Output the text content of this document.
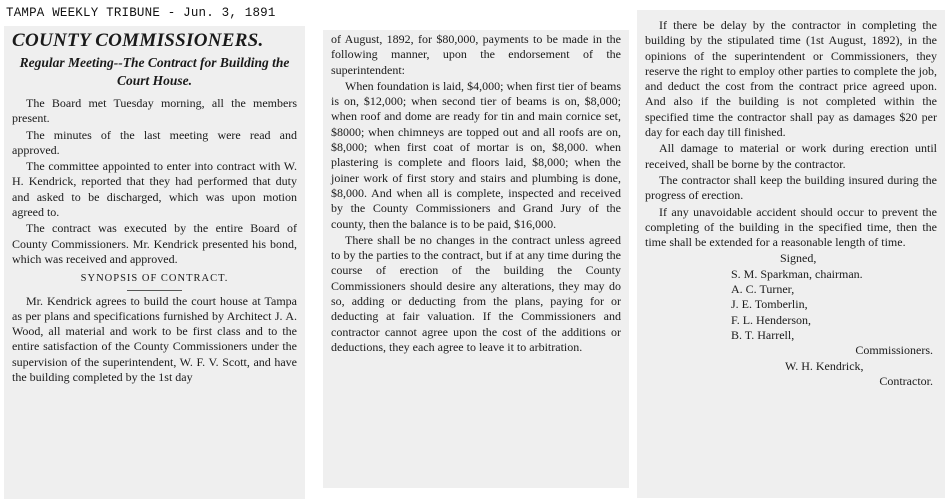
TAMPA WEEKLY TRIBUNE - Jun. 3, 1891
COUNTY COMMISSIONERS.
Regular Meeting--The Contract for Building the Court House.

The Board met Tuesday morning, all the members present.

The minutes of the last meeting were read and approved.

The committee appointed to enter into contract with W. H. Kendrick, reported that they had performed that duty and asked to be discharged, which was upon motion agreed to.

The contract was executed by the entire Board of County Commissioners. Mr. Kendrick presented his bond, which was received and approved.

SYNOPSIS OF CONTRACT.

Mr. Kendrick agrees to build the court house at Tampa as per plans and specifications furnished by Architect J. A. Wood, all material and work to be first class and to the entire satisfaction of the County Commissioners under the supervision of the superintendent, W. F. V. Scott, and have the building completed by the 1st day

of August, 1892, for $80,000, payments to be made in the following manner, upon the endorsement of the superintendent:

When foundation is laid, $4,000; when first tier of beams is on, $12,000; when second tier of beams is on, $8,000; when roof and dome are ready for tin and main cornice set, $8000; when chimneys are topped out and all roofs are on, $8,000; when first coat of mortar is on, $8,000. when plastering is complete and floors laid, $8,000; when the joiner work of first story and stairs and plumbing is done, $8,000. And when all is complete, inspected and received by the County Commissioners and Grand Jury of the county, then the balance is to be paid, $16,000.

There shall be no changes in the contract unless agreed to by the parties to the contract, but if at any time during the course of erection of the building the County Commissioners should desire any alterations, they may do so, adding or deducting from the plans, paying for or deducting at fair valuation. If the Commissioners and contractor cannot agree upon the cost of the additions or deductions, they each agree to leave it to arbitration.

If there be delay by the contractor in completing the building by the stipulated time (1st August, 1892), in the opinions of the superintendent or Commissioners, they reserve the right to employ other parties to complete the job, and deduct the cost from the contract price agreed upon. And also if the building is not completed within the specified time the contractor shall pay as damages $20 per day for each day till finished.

All damage to material or work during erection until received, shall be borne by the contractor.

The contractor shall keep the building insured during the progress of erection.

If any unavoidable accident should occur to prevent the completing of the building in the specified time, then the time shall be extended for a reasonable length of time.

Signed,
S. M. Sparkman, chairman.
A. C. Turner,
J. E. Tomberlin,
F. L. Henderson,
B. T. Harrell,
Commissioners.
W. H. Kendrick,
Contractor.
